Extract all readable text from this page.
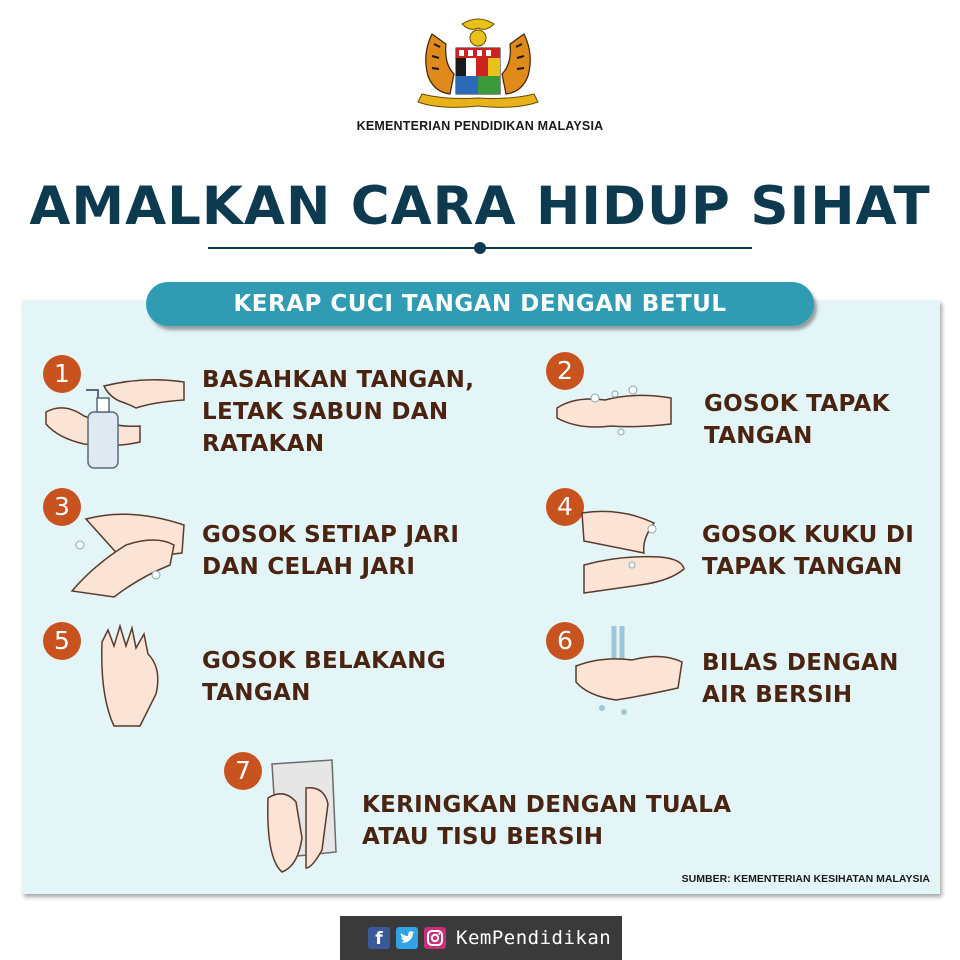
KEMENTERIAN PENDIDIKAN MALAYSIA
AMALKAN CARA HIDUP SIHAT
KERAP CUCI TANGAN DENGAN BETUL
1	BASAHKAN TANGAN,
LETAK SABUN DAN
RATAKAN
2
GOSOK TAPAK
TANGAN
3
GOSOK SETIAP JARI
DAN CELAH JARI
4
GOSOK KUKU DI
TAPAK TANGAN
5
GOSOK BELAKANG
TANGAN
6
BILAS DENGAN
AIR BERSIH
7
KERINGKAN DENGAN TUALA
ATAU TISU BERSIH
SUMBER: KEMENTERIAN KESIHATAN MALAYSIA
f	KemPendidikan
